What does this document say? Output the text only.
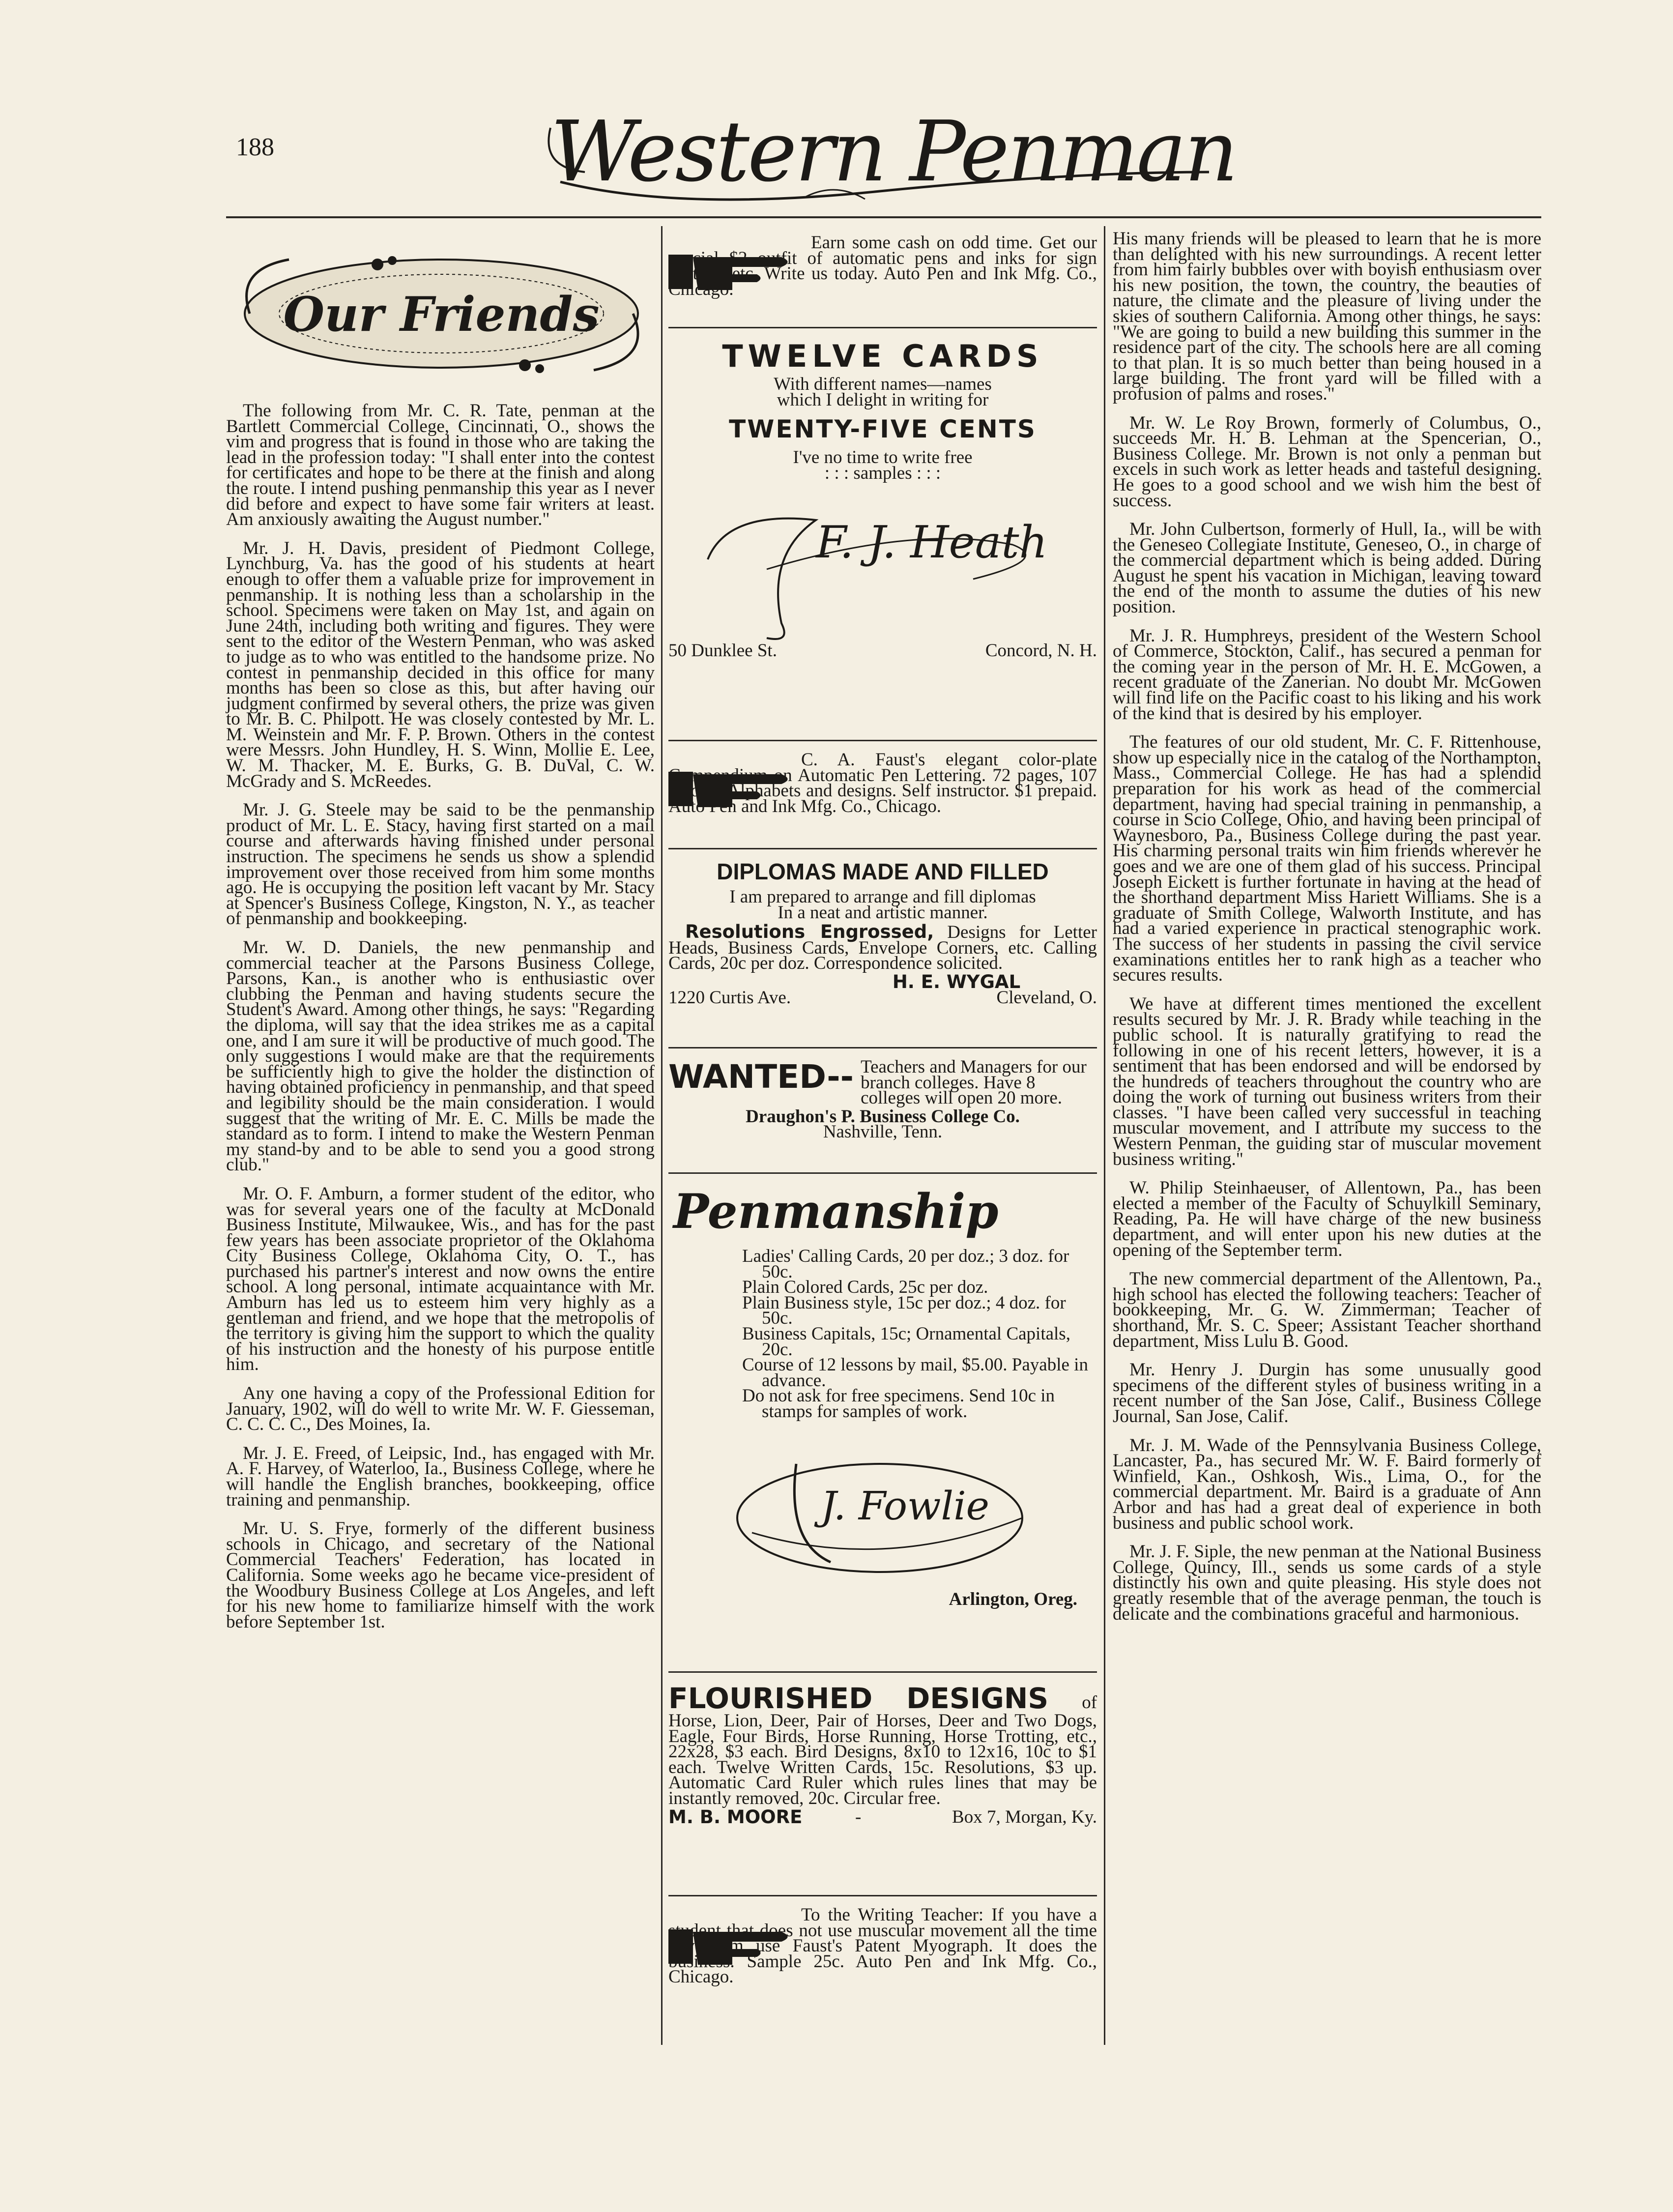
188	Western Penman
Our Friends

The following from Mr. C. R. Tate, penman at the Bartlett Commercial College, Cincinnati, O., shows the vim and progress that is found in those who are taking the lead in the profession today: "I shall enter into the contest for certificates and hope to be there at the finish and along the route. I intend pushing penmanship this year as I never did before and expect to have some fair writers at least. Am anxiously awaiting the August number."

Mr. J. H. Davis, president of Piedmont College, Lynchburg, Va. has the good of his students at heart enough to offer them a valuable prize for improvement in penmanship. It is nothing less than a scholarship in the school. Specimens were taken on May 1st, and again on June 24th, including both writing and figures. They were sent to the editor of the Western Penman, who was asked to judge as to who was entitled to the handsome prize. No contest in penmanship decided in this office for many months has been so close as this, but after having our judgment confirmed by several others, the prize was given to Mr. B. C. Philpott. He was closely contested by Mr. L. M. Weinstein and Mr. F. P. Brown. Others in the contest were Messrs. John Hundley, H. S. Winn, Mollie E. Lee, W. M. Thacker, M. E. Burks, G. B. DuVal, C. W. McGrady and S. McReedes.

Mr. J. G. Steele may be said to be the penmanship product of Mr. L. E. Stacy, having first started on a mail course and afterwards having finished under personal instruction. The specimens he sends us show a splendid improvement over those received from him some months ago. He is occupying the position left vacant by Mr. Stacy at Spencer's Business College, Kingston, N. Y., as teacher of penmanship and bookkeeping.

Mr. W. D. Daniels, the new penmanship and commercial teacher at the Parsons Business College, Parsons, Kan., is another who is enthusiastic over clubbing the Penman and having students secure the Student's Award. Among other things, he says: "Regarding the diploma, will say that the idea strikes me as a capital one, and I am sure it will be productive of much good. The only suggestions I would make are that the requirements be sufficiently high to give the holder the distinction of having obtained proficiency in penmanship, and that speed and legibility should be the main consideration. I would suggest that the writing of Mr. E. C. Mills be made the standard as to form. I intend to make the Western Penman my stand-by and to be able to send you a good strong club."

Mr. O. F. Amburn, a former student of the editor, who was for several years one of the faculty at McDonald Business Institute, Milwaukee, Wis., and has for the past few years has been associate proprietor of the Oklahoma City Business College, Oklahoma City, O. T., has purchased his partner's interest and now owns the entire school. A long personal, intimate acquaintance with Mr. Amburn has led us to esteem him very highly as a gentleman and friend, and we hope that the metropolis of the territory is giving him the support to which the quality of his instruction and the honesty of his purpose entitle him.

Any one having a copy of the Professional Edition for January, 1902, will do well to write Mr. W. F. Giesseman, C. C. C. C., Des Moines, Ia.

Mr. J. E. Freed, of Leipsic, Ind., has engaged with Mr. A. F. Harvey, of Waterloo, Ia., Business College, where he will handle the English branches, bookkeeping, office training and penmanship.

Mr. U. S. Frye, formerly of the different business schools in Chicago, and secretary of the National Commercial Teachers' Federation, has located in California. Some weeks ago he became vice-president of the Woodbury Business College at Los Angeles, and left for his new home to familiarize himself with the work before September 1st.

Earn some cash on odd time. Get our special $2 outfit of automatic pens and inks for sign writing, etc. Write us today. Auto Pen and Ink Mfg. Co., Chicago.
TWELVE CARDS
With different names—names
which I delight in writing for
TWENTY-FIVE CENTS
I've no time to write free
: : : samples : : :
F. J. Heath
50 Dunklee St.	Concord, N. H.
C. A. Faust's elegant color-plate Compendium on Automatic Pen Lettering. 72 pages, 107 colored Alphabets and designs. Self instructor. $1 prepaid. Auto Pen and Ink Mfg. Co., Chicago.
DIPLOMAS MADE AND FILLED
I am prepared to arrange and fill diplomas
In a neat and artistic manner.
Resolutions Engrossed, Designs for Letter Heads, Business Cards, Envelope Corners, etc. Calling Cards, 20c per doz. Correspondence solicited.
H. E. WYGAL
1220 Curtis Ave.	Cleveland, O.
WANTED-- Teachers and Managers for our branch colleges. Have 8 colleges will open 20 more.
Draughon's P. Business College Co.
Nashville, Tenn.
Penmanship
Ladies' Calling Cards, 20 per doz.; 3 doz. for 50c.
Plain Colored Cards, 25c per doz.
Plain Business style, 15c per doz.; 4 doz. for 50c.
Business Capitals, 15c; Ornamental Capitals, 20c.
Course of 12 lessons by mail, $5.00. Payable in advance.
Do not ask for free specimens. Send 10c in stamps for samples of work.
J. Fowlie
Arlington, Oreg.
FLOURISHED DESIGNS of Horse, Lion, Deer, Pair of Horses, Deer and Two Dogs, Eagle, Four Birds, Horse Running, Horse Trotting, etc., 22x28, $3 each. Bird Designs, 8x10 to 12x16, 10c to $1 each. Twelve Written Cards, 15c. Resolutions, $3 up. Automatic Card Ruler which rules lines that may be instantly removed, 20c. Circular free.
M. B. MOORE	-	Box 7, Morgan, Ky.
To the Writing Teacher: If you have a student that does not use muscular movement all the time have him use Faust's Patent Myograph. It does the business. Sample 25c. Auto Pen and Ink Mfg. Co., Chicago.

His many friends will be pleased to learn that he is more than delighted with his new surroundings. A recent letter from him fairly bubbles over with boyish enthusiasm over his new position, the town, the country, the beauties of nature, the climate and the pleasure of living under the skies of southern California. Among other things, he says: "We are going to build a new building this summer in the residence part of the city. The schools here are all coming to that plan. It is so much better than being housed in a large building. The front yard will be filled with a profusion of palms and roses."

Mr. W. Le Roy Brown, formerly of Columbus, O., succeeds Mr. H. B. Lehman at the Spencerian, O., Business College. Mr. Brown is not only a penman but excels in such work as letter heads and tasteful designing. He goes to a good school and we wish him the best of success.

Mr. John Culbertson, formerly of Hull, Ia., will be with the Geneseo Collegiate Institute, Geneseo, O., in charge of the commercial department which is being added. During August he spent his vacation in Michigan, leaving toward the end of the month to assume the duties of his new position.

Mr. J. R. Humphreys, president of the Western School of Commerce, Stockton, Calif., has secured a penman for the coming year in the person of Mr. H. E. McGowen, a recent graduate of the Zanerian. No doubt Mr. McGowen will find life on the Pacific coast to his liking and his work of the kind that is desired by his employer.

The features of our old student, Mr. C. F. Rittenhouse, show up especially nice in the catalog of the Northampton, Mass., Commercial College. He has had a splendid preparation for his work as head of the commercial department, having had special training in penmanship, a course in Scio College, Ohio, and having been principal of Waynesboro, Pa., Business College during the past year. His charming personal traits win him friends wherever he goes and we are one of them glad of his success. Principal Joseph Eickett is further fortunate in having at the head of the shorthand department Miss Hariett Williams. She is a graduate of Smith College, Walworth Institute, and has had a varied experience in practical stenographic work. The success of her students in passing the civil service examinations entitles her to rank high as a teacher who secures results.

We have at different times mentioned the excellent results secured by Mr. J. R. Brady while teaching in the public school. It is naturally gratifying to read the following in one of his recent letters, however, it is a sentiment that has been endorsed and will be endorsed by the hundreds of teachers throughout the country who are doing the work of turning out business writers from their classes. "I have been called very successful in teaching muscular movement, and I attribute my success to the Western Penman, the guiding star of muscular movement business writing."

W. Philip Steinhaeuser, of Allentown, Pa., has been elected a member of the Faculty of Schuylkill Seminary, Reading, Pa. He will have charge of the new business department, and will enter upon his new duties at the opening of the September term.

The new commercial department of the Allentown, Pa., high school has elected the following teachers: Teacher of bookkeeping, Mr. G. W. Zimmerman; Teacher of shorthand, Mr. S. C. Speer; Assistant Teacher shorthand department, Miss Lulu B. Good.

Mr. Henry J. Durgin has some unusually good specimens of the different styles of business writing in a recent number of the San Jose, Calif., Business College Journal, San Jose, Calif.

Mr. J. M. Wade of the Pennsylvania Business College, Lancaster, Pa., has secured Mr. W. F. Baird formerly of Winfield, Kan., Oshkosh, Wis., Lima, O., for the commercial department. Mr. Baird is a graduate of Ann Arbor and has had a great deal of experience in both business and public school work.

Mr. J. F. Siple, the new penman at the National Business College, Quincy, Ill., sends us some cards of a style distinctly his own and quite pleasing. His style does not greatly resemble that of the average penman, the touch is delicate and the combinations graceful and harmonious.
